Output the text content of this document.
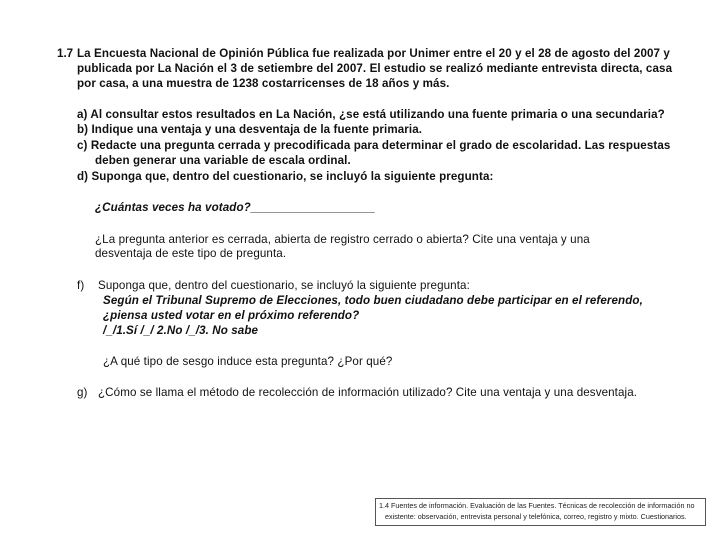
1.7 La Encuesta Nacional de Opinión Pública fue realizada por Unimer entre el 20 y el 28 de agosto del 2007 y
publicada por La Nación el 3 de setiembre del 2007. El estudio se realizó mediante entrevista directa, casa
por casa, a una muestra de 1238 costarricenses de 18 años y más.
a) Al consultar estos resultados en La Nación, ¿se está utilizando una fuente primaria o una secundaria?
b) Indique una ventaja y una desventaja de la fuente primaria.
c) Redacte una pregunta cerrada y precodificada para determinar el grado de escolaridad. Las respuestas
deben generar una variable de escala ordinal.
d) Suponga que, dentro del cuestionario, se incluyó la siguiente pregunta:
¿Cuántas veces ha votado?___________________
¿La pregunta anterior es cerrada, abierta de registro cerrado o abierta? Cite una ventaja y una
desventaja de este tipo de pregunta.
f) Suponga que, dentro del cuestionario, se incluyó la siguiente pregunta:
Según el Tribunal Supremo de Elecciones, todo buen ciudadano debe participar en el referendo,
¿piensa usted votar en el próximo referendo?
/_/1.Sí /_/ 2.No /_/3. No sabe
¿A qué tipo de sesgo induce esta pregunta? ¿Por qué?
g) ¿Cómo se llama el método de recolección de información utilizado? Cite una ventaja y una desventaja.
1.4 Fuentes de información. Evaluación de las Fuentes. Técnicas de recolección de información no
existente: observación, entrevista personal y telefónica, correo, registro y mixto. Cuestionarios.
